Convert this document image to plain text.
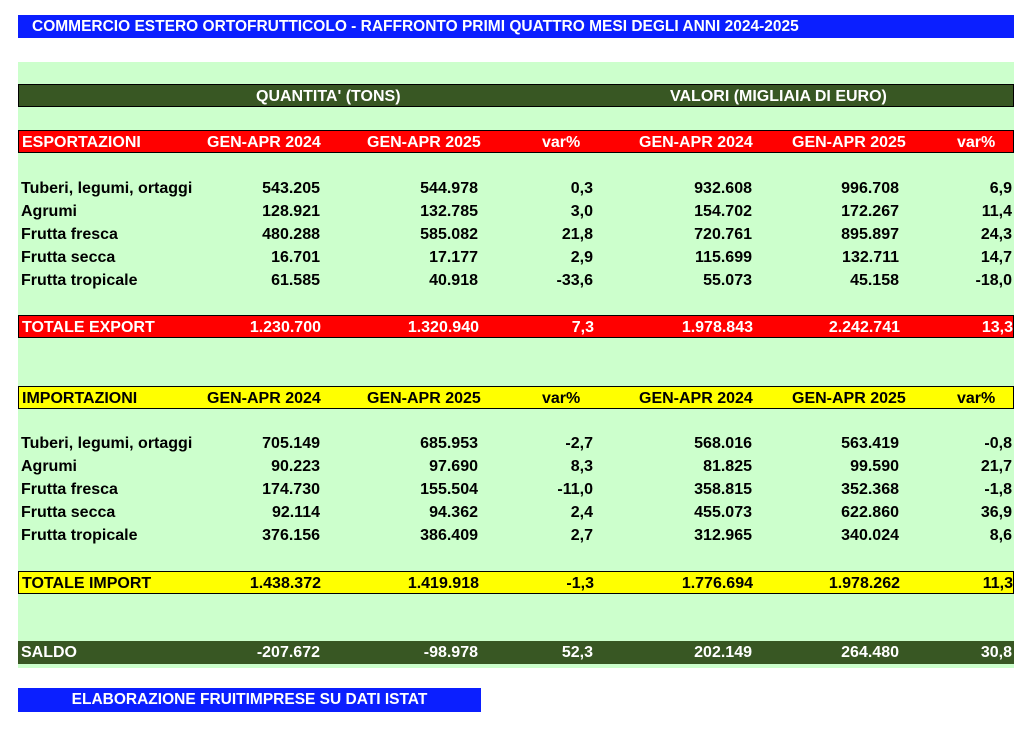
COMMERCIO ESTERO ORTOFRUTTICOLO - RAFFRONTO PRIMI QUATTRO MESI DEGLI ANNI 2024-2025
QUANTITA' (TONS)	VALORI (MIGLIAIA DI EURO)
ESPORTAZIONI	GEN-APR 2024	GEN-APR 2025	var%	GEN-APR 2024	GEN-APR 2025	var%
Tuberi, legumi, ortaggi	543.205	544.978	0,3	932.608	996.708	6,9
Agrumi	128.921	132.785	3,0	154.702	172.267	11,4
Frutta fresca	480.288	585.082	21,8	720.761	895.897	24,3
Frutta secca	16.701	17.177	2,9	115.699	132.711	14,7
Frutta tropicale	61.585	40.918	-33,6	55.073	45.158	-18,0
TOTALE EXPORT	1.230.700	1.320.940	7,3	1.978.843	2.242.741	13,3
IMPORTAZIONI	GEN-APR 2024	GEN-APR 2025	var%	GEN-APR 2024	GEN-APR 2025	var%
Tuberi, legumi, ortaggi	705.149	685.953	-2,7	568.016	563.419	-0,8
Agrumi	90.223	97.690	8,3	81.825	99.590	21,7
Frutta fresca	174.730	155.504	-11,0	358.815	352.368	-1,8
Frutta secca	92.114	94.362	2,4	455.073	622.860	36,9
Frutta tropicale	376.156	386.409	2,7	312.965	340.024	8,6
TOTALE IMPORT	1.438.372	1.419.918	-1,3	1.776.694	1.978.262	11,3
SALDO	-207.672	-98.978	52,3	202.149	264.480	30,8
ELABORAZIONE FRUITIMPRESE SU DATI ISTAT
